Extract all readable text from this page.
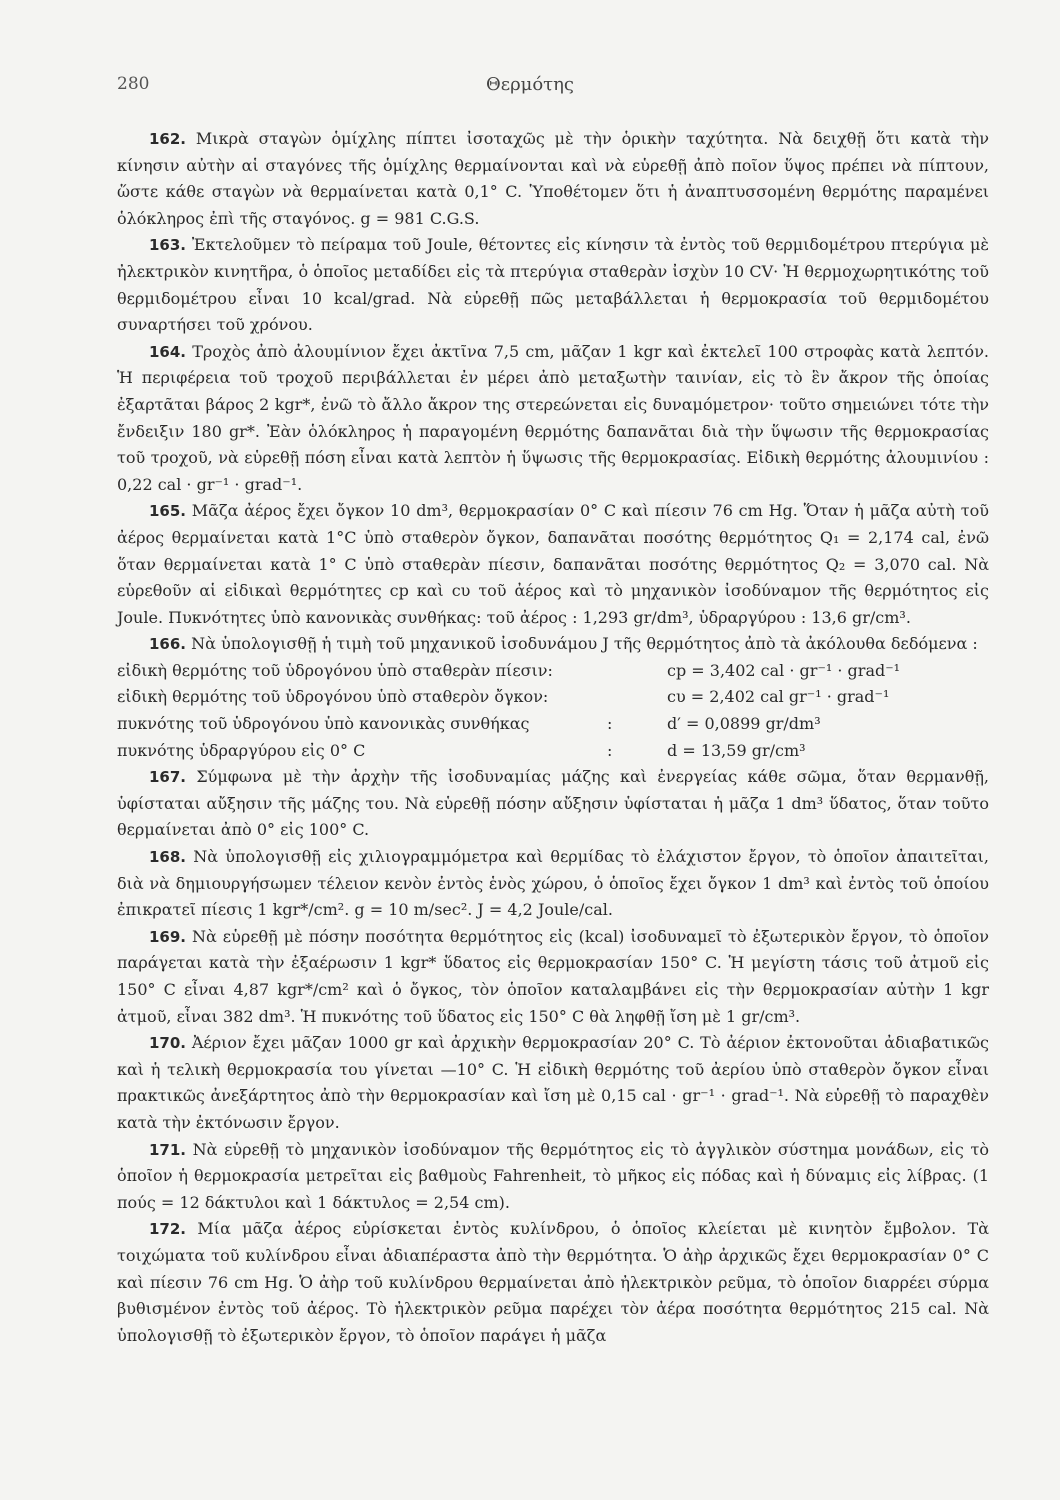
280	Θερμότης

162. Μικρὰ σταγὼν ὁμίχλης πίπτει ἰσοταχῶς μὲ τὴν ὁρικὴν ταχύτητα. Νὰ δειχθῇ ὅτι κατὰ τὴν κίνησιν αὐτὴν αἱ σταγόνες τῆς ὁμίχλης θερμαίνονται καὶ νὰ εὑρεθῇ ἀπὸ ποῖον ὕψος πρέπει νὰ πίπτουν, ὥστε κάθε σταγὼν νὰ θερμαίνεται κατὰ 0,1° C. Ὑποθέτομεν ὅτι ἡ ἀναπτυσσομένη θερμότης παραμένει ὁλόκληρος ἐπὶ τῆς σταγόνος. g = 981 C.G.S.

163. Ἐκτελοῦμεν τὸ πείραμα τοῦ Joule, θέτοντες εἰς κίνησιν τὰ ἐντὸς τοῦ θερμιδομέτρου πτερύγια μὲ ἠλεκτρικὸν κινητῆρα, ὁ ὁποῖος μεταδίδει εἰς τὰ πτερύγια σταθερὰν ἰσχὺν 10 CV· Ἡ θερμοχωρητικότης τοῦ θερμιδομέτρου εἶναι 10 kcal/grad. Νὰ εὑρεθῇ πῶς μεταβάλλεται ἡ θερμοκρασία τοῦ θερμιδομέτου συναρτήσει τοῦ χρόνου.

164. Τροχὸς ἀπὸ ἀλουμίνιον ἔχει ἀκτῖνα 7,5 cm, μᾶζαν 1 kgr καὶ ἐκτελεῖ 100 στροφὰς κατὰ λεπτόν. Ἡ περιφέρεια τοῦ τροχοῦ περιβάλλεται ἐν μέρει ἀπὸ μεταξωτὴν ταινίαν, εἰς τὸ ἓν ἄκρον τῆς ὁποίας ἐξαρτᾶται βάρος 2 kgr*, ἐνῶ τὸ ἄλλο ἄκρον της στερεώνεται εἰς δυναμόμετρον· τοῦτο σημειώνει τότε τὴν ἔνδειξιν 180 gr*. Ἐὰν ὁλόκληρος ἡ παραγομένη θερμότης δαπανᾶται διὰ τὴν ὕψωσιν τῆς θερμοκρασίας τοῦ τροχοῦ, νὰ εὑρεθῇ πόση εἶναι κατὰ λεπτὸν ἡ ὕψωσις τῆς θερμοκρασίας. Εἰδικὴ θερμότης ἀλουμινίου : 0,22 cal · gr⁻¹ · grad⁻¹.

165. Μᾶζα ἀέρος ἔχει ὄγκον 10 dm³, θερμοκρασίαν 0° C καὶ πίεσιν 76 cm Hg. Ὅταν ἡ μᾶζα αὐτὴ τοῦ ἀέρος θερμαίνεται κατὰ 1°C ὑπὸ σταθερὸν ὄγκον, δαπανᾶται ποσότης θερμότητος Q₁ = 2,174 cal, ἐνῶ ὅταν θερμαίνεται κατὰ 1° C ὑπὸ σταθερὰν πίεσιν, δαπανᾶται ποσότης θερμότητος Q₂ = 3,070 cal. Νὰ εὑρεθοῦν αἱ εἰδικαὶ θερμότητες cp καὶ cυ τοῦ ἀέρος καὶ τὸ μηχανικὸν ἰσοδύναμον τῆς θερμότητος εἰς Joule. Πυκνότητες ὑπὸ κανονικὰς συνθήκας: τοῦ ἀέρος : 1,293 gr/dm³, ὑδραργύρου : 13,6 gr/cm³.

166. Νὰ ὑπολογισθῇ ἡ τιμὴ τοῦ μηχανικοῦ ἰσοδυνάμου J τῆς θερμότητος ἀπὸ τὰ ἀκόλουθα δεδόμενα :

εἰδικὴ θερμότης τοῦ ὑδρογόνου ὑπὸ σταθερὰν πίεσιν:	cp = 3,402 cal · gr⁻¹ · grad⁻¹
εἰδικὴ θερμότης τοῦ ὑδρογόνου ὑπὸ σταθερὸν ὄγκον:	cυ = 2,402 cal gr⁻¹ · grad⁻¹
πυκνότης τοῦ ὑδρογόνου ὑπὸ κανονικὰς συνθήκας	:	d′ = 0,0899 gr/dm³
πυκνότης ὑδραργύρου εἰς 0° C	:	d = 13,59 gr/cm³

167. Σύμφωνα μὲ τὴν ἀρχὴν τῆς ἰσοδυναμίας μάζης καὶ ἐνεργείας κάθε σῶμα, ὅταν θερμανθῇ, ὑφίσταται αὔξησιν τῆς μάζης του. Νὰ εὑρεθῇ πόσην αὔξησιν ὑφίσταται ἡ μᾶζα 1 dm³ ὕδατος, ὅταν τοῦτο θερμαίνεται ἀπὸ 0° εἰς 100° C.

168. Νὰ ὑπολογισθῇ εἰς χιλιογραμμόμετρα καὶ θερμίδας τὸ ἐλάχιστον ἔργον, τὸ ὁποῖον ἀπαιτεῖται, διὰ νὰ δημιουργήσωμεν τέλειον κενὸν ἐντὸς ἑνὸς χώρου, ὁ ὁποῖος ἔχει ὄγκον 1 dm³ καὶ ἐντὸς τοῦ ὁποίου ἐπικρατεῖ πίεσις 1 kgr*/cm². g = 10 m/sec². J = 4,2 Joule/cal.

169. Νὰ εὑρεθῇ μὲ πόσην ποσότητα θερμότητος εἰς (kcal) ἰσοδυναμεῖ τὸ ἐξωτερικὸν ἔργον, τὸ ὁποῖον παράγεται κατὰ τὴν ἐξαέρωσιν 1 kgr* ὕδατος εἰς θερμοκρασίαν 150° C. Ἡ μεγίστη τάσις τοῦ ἀτμοῦ εἰς 150° C εἶναι 4,87 kgr*/cm² καὶ ὁ ὄγκος, τὸν ὁποῖον καταλαμβάνει εἰς τὴν θερμοκρασίαν αὐτὴν 1 kgr ἀτμοῦ, εἶναι 382 dm³. Ἡ πυκνότης τοῦ ὕδατος εἰς 150° C θὰ ληφθῇ ἴση μὲ 1 gr/cm³.

170. Ἀέριον ἔχει μᾶζαν 1000 gr καὶ ἀρχικὴν θερμοκρασίαν 20° C. Τὸ ἀέριον ἐκτονοῦται ἀδιαβατικῶς καὶ ἡ τελικὴ θερμοκρασία του γίνεται —10° C. Ἡ εἰδικὴ θερμότης τοῦ ἀερίου ὑπὸ σταθερὸν ὄγκον εἶναι πρακτικῶς ἀνεξάρτητος ἀπὸ τὴν θερμοκρασίαν καὶ ἴση μὲ 0,15 cal · gr⁻¹ · grad⁻¹. Νὰ εὑρεθῇ τὸ παραχθὲν κατὰ τὴν ἐκτόνωσιν ἔργον.

171. Νὰ εὑρεθῇ τὸ μηχανικὸν ἰσοδύναμον τῆς θερμότητος εἰς τὸ ἀγγλικὸν σύστημα μονάδων, εἰς τὸ ὁποῖον ἡ θερμοκρασία μετρεῖται εἰς βαθμοὺς Fahrenheit, τὸ μῆκος εἰς πόδας καὶ ἡ δύναμις εἰς λίβρας. (1 πούς = 12 δάκτυλοι καὶ 1 δάκτυλος = 2,54 cm).

172. Μία μᾶζα ἀέρος εὑρίσκεται ἐντὸς κυλίνδρου, ὁ ὁποῖος κλείεται μὲ κινητὸν ἔμβολον. Τὰ τοιχώματα τοῦ κυλίνδρου εἶναι ἀδιαπέραστα ἀπὸ τὴν θερμότητα. Ὁ ἀὴρ ἀρχικῶς ἔχει θερμοκρασίαν 0° C καὶ πίεσιν 76 cm Hg. Ὁ ἀὴρ τοῦ κυλίνδρου θερμαίνεται ἀπὸ ἠλεκτρικὸν ρεῦμα, τὸ ὁποῖον διαρρέει σύρμα βυθισμένον ἐντὸς τοῦ ἀέρος. Τὸ ἠλεκτρικὸν ρεῦμα παρέχει τὸν ἀέρα ποσότητα θερμότητος 215 cal. Νὰ ὑπολογισθῇ τὸ ἐξωτερικὸν ἔργον, τὸ ὁποῖον παράγει ἡ μᾶζα
